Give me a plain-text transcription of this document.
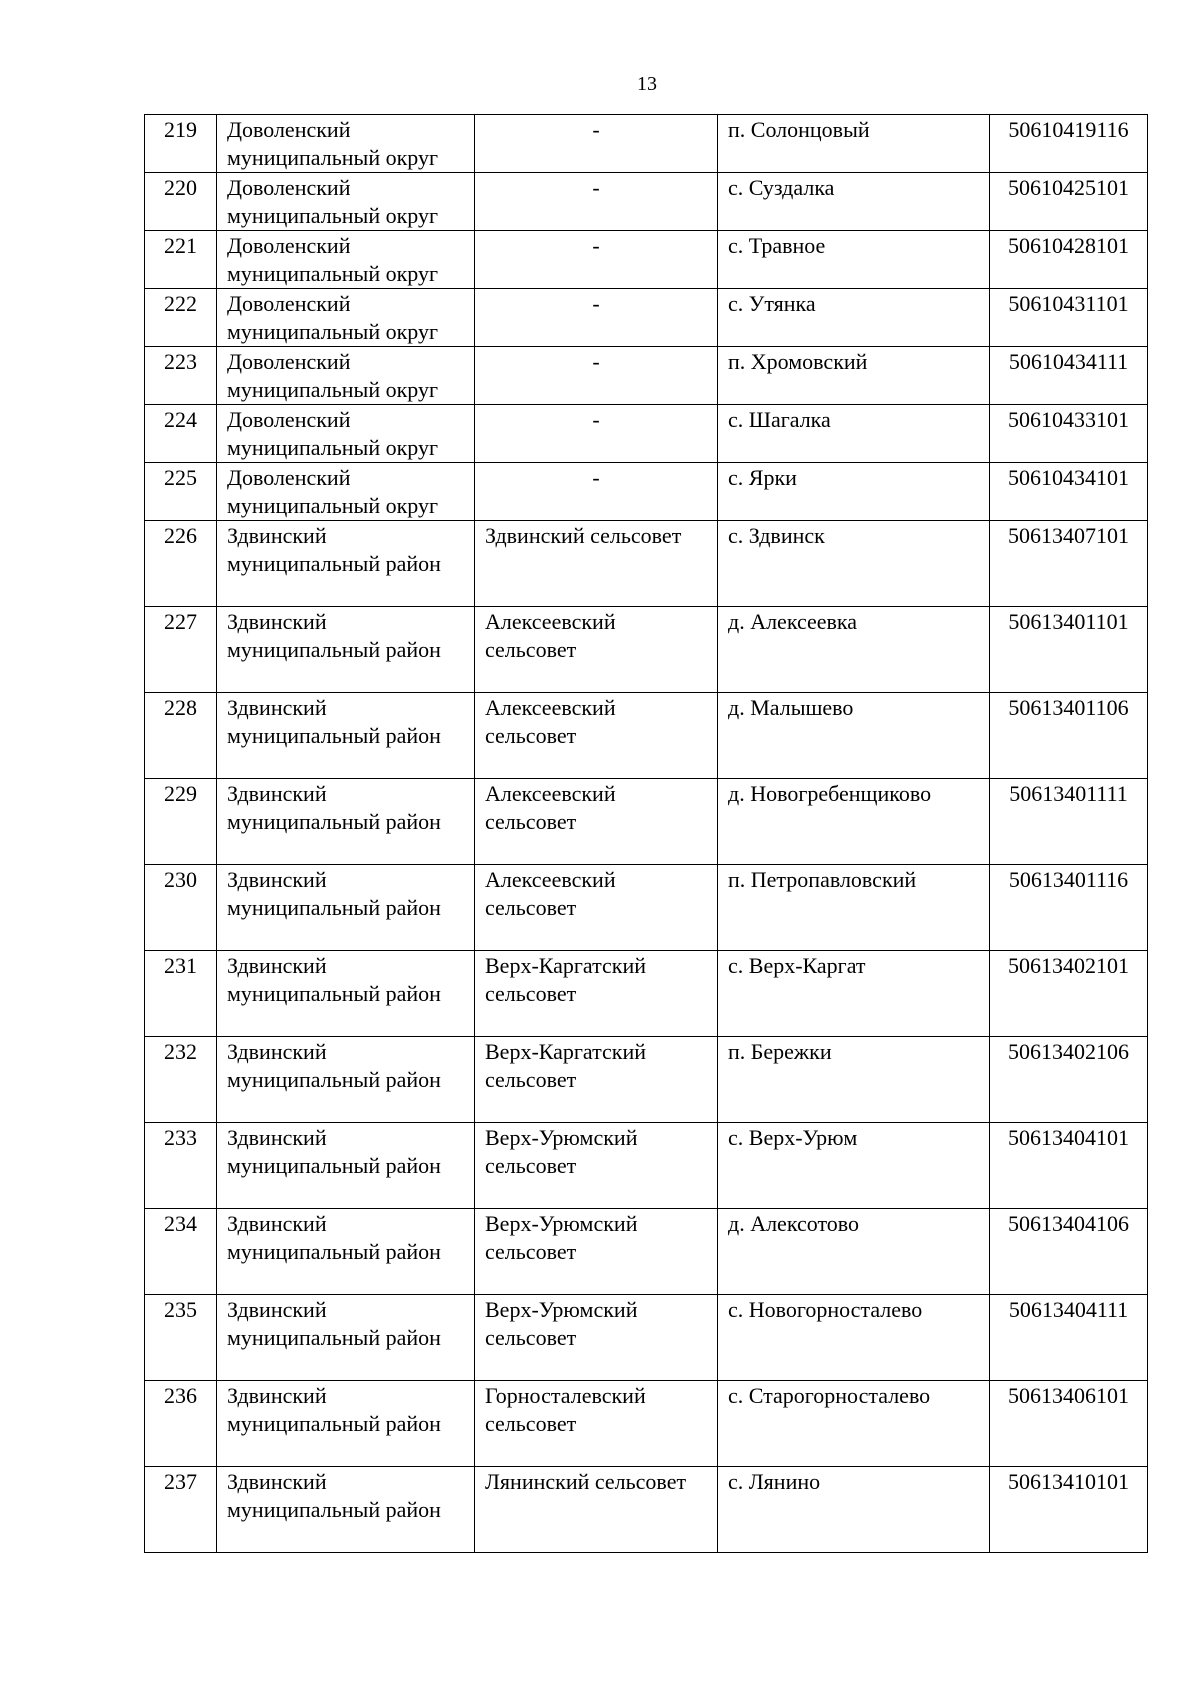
13
219	Доволенский муниципальный округ	-	п. Солонцовый	50610419116
220	Доволенский муниципальный округ	-	с. Суздалка	50610425101
221	Доволенский муниципальный округ	-	с. Травное	50610428101
222	Доволенский муниципальный округ	-	с. Утянка	50610431101
223	Доволенский муниципальный округ	-	п. Хромовский	50610434111
224	Доволенский муниципальный округ	-	с. Шагалка	50610433101
225	Доволенский муниципальный округ	-	с. Ярки	50610434101
226	Здвинский муниципальный район	Здвинский сельсовет	с. Здвинск	50613407101
227	Здвинский муниципальный район	Алексеевский сельсовет	д. Алексеевка	50613401101
228	Здвинский муниципальный район	Алексеевский сельсовет	д. Малышево	50613401106
229	Здвинский муниципальный район	Алексеевский сельсовет	д. Новогребенщиково	50613401111
230	Здвинский муниципальный район	Алексеевский сельсовет	п. Петропавловский	50613401116
231	Здвинский муниципальный район	Верх-Каргатский сельсовет	с. Верх-Каргат	50613402101
232	Здвинский муниципальный район	Верх-Каргатский сельсовет	п. Бережки	50613402106
233	Здвинский муниципальный район	Верх-Урюмский сельсовет	с. Верх-Урюм	50613404101
234	Здвинский муниципальный район	Верх-Урюмский сельсовет	д. Алексотово	50613404106
235	Здвинский муниципальный район	Верх-Урюмский сельсовет	с. Новогорносталево	50613404111
236	Здвинский муниципальный район	Горносталевский сельсовет	с. Старогорносталево	50613406101
237	Здвинский муниципальный район	Лянинский сельсовет	с. Лянино	50613410101
